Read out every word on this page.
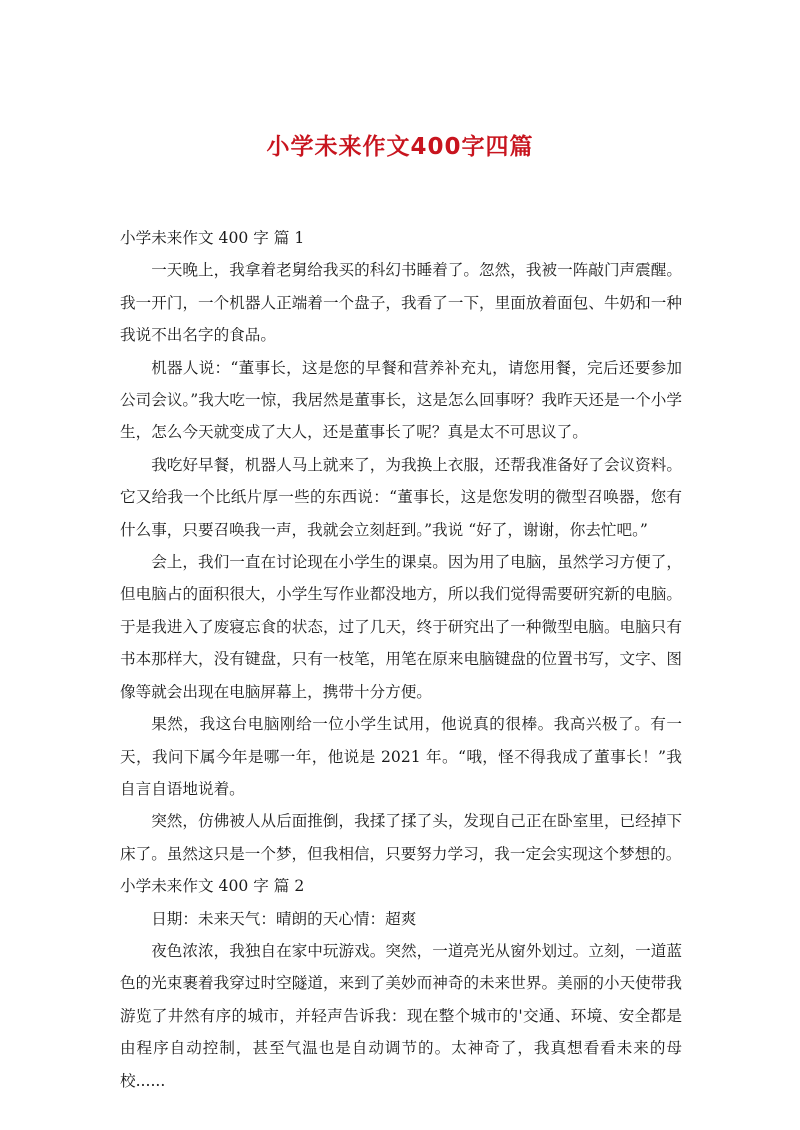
小学未来作文400字四篇

小学未来作文 400 字 篇 1

一天晚上，我拿着老舅给我买的科幻书睡着了。忽然，我被一阵敲门声震醒。我一开门，一个机器人正端着一个盘子，我看了一下，里面放着面包、牛奶和一种我说不出名字的食品。

机器人说：“董事长，这是您的早餐和营养补充丸，请您用餐，完后还要参加公司会议。”我大吃一惊，我居然是董事长，这是怎么回事呀？我昨天还是一个小学生，怎么今天就变成了大人，还是董事长了呢？真是太不可思议了。

我吃好早餐，机器人马上就来了，为我换上衣服，还帮我准备好了会议资料。它又给我一个比纸片厚一些的东西说：“董事长，这是您发明的微型召唤器，您有什么事，只要召唤我一声，我就会立刻赶到。”我说 “好了，谢谢，你去忙吧。”

会上，我们一直在讨论现在小学生的课桌。因为用了电脑，虽然学习方便了，但电脑占的面积很大，小学生写作业都没地方，所以我们觉得需要研究新的电脑。于是我进入了废寝忘食的状态，过了几天，终于研究出了一种微型电脑。电脑只有书本那样大，没有键盘，只有一枝笔，用笔在原来电脑键盘的位置书写，文字、图像等就会出现在电脑屏幕上，携带十分方便。

果然，我这台电脑刚给一位小学生试用，他说真的很棒。我高兴极了。有一天，我问下属今年是哪一年，他说是 2021 年。“哦，怪不得我成了董事长！”我自言自语地说着。

突然，仿佛被人从后面推倒，我揉了揉了头，发现自己正在卧室里，已经掉下床了。虽然这只是一个梦，但我相信，只要努力学习，我一定会实现这个梦想的。

小学未来作文 400 字 篇 2

日期：未来天气：晴朗的天心情：超爽

夜色浓浓，我独自在家中玩游戏。突然，一道亮光从窗外划过。立刻，一道蓝色的光束裹着我穿过时空隧道，来到了美妙而神奇的未来世界。美丽的小天使带我游览了井然有序的城市，并轻声告诉我：现在整个城市的'交通、环境、安全都是由程序自动控制，甚至气温也是自动调节的。太神奇了，我真想看看未来的母校......
